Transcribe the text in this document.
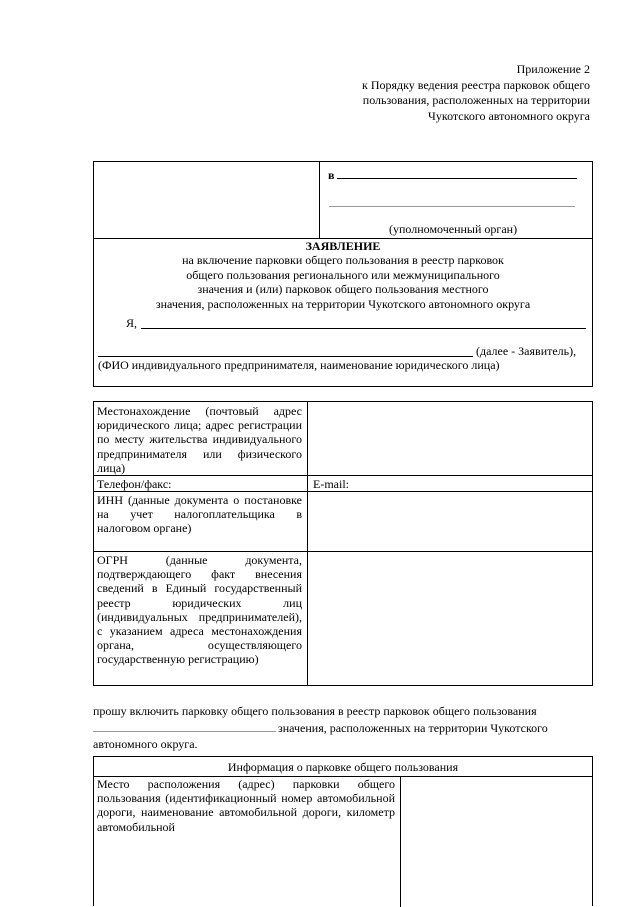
Приложение 2
к Порядку ведения реестра парковок общего
пользования, расположенных на территории
Чукотского автономного округа
в
(уполномоченный орган)
ЗАЯВЛЕНИЕ
на включение парковки общего пользования в реестр парковок
общего пользования регионального или межмуниципального
значения и (или) парковок общего пользования местного
значения, расположенных на территории Чукотского автономного округа
Я,
(далее - Заявитель),
(ФИО индивидуального предпринимателя, наименование юридического лица)
Местонахождение (почтовый адрес юридического лица; адрес регистрации по месту жительства индивидуального предпринимателя или физического лица)
Телефон/факс:	E-mail:
ИНН (данные документа о постановке на учет налогоплательщика в налоговом органе)
ОГРН (данные документа, подтверждающего факт внесения сведений в Единый государственный реестр юридических лиц (индивидуальных предпринимателей), с указанием адреса местонахождения органа, осуществляющего государственную регистрацию)
прошу включить парковку общего пользования в реестр парковок общего пользования
значения, расположенных на территории Чукотского
автономного округа.
Информация о парковке общего пользования
Место расположения (адрес) парковки общего пользования (идентификационный номер автомобильной дороги, наименование автомобильной дороги, километр автомобильной
